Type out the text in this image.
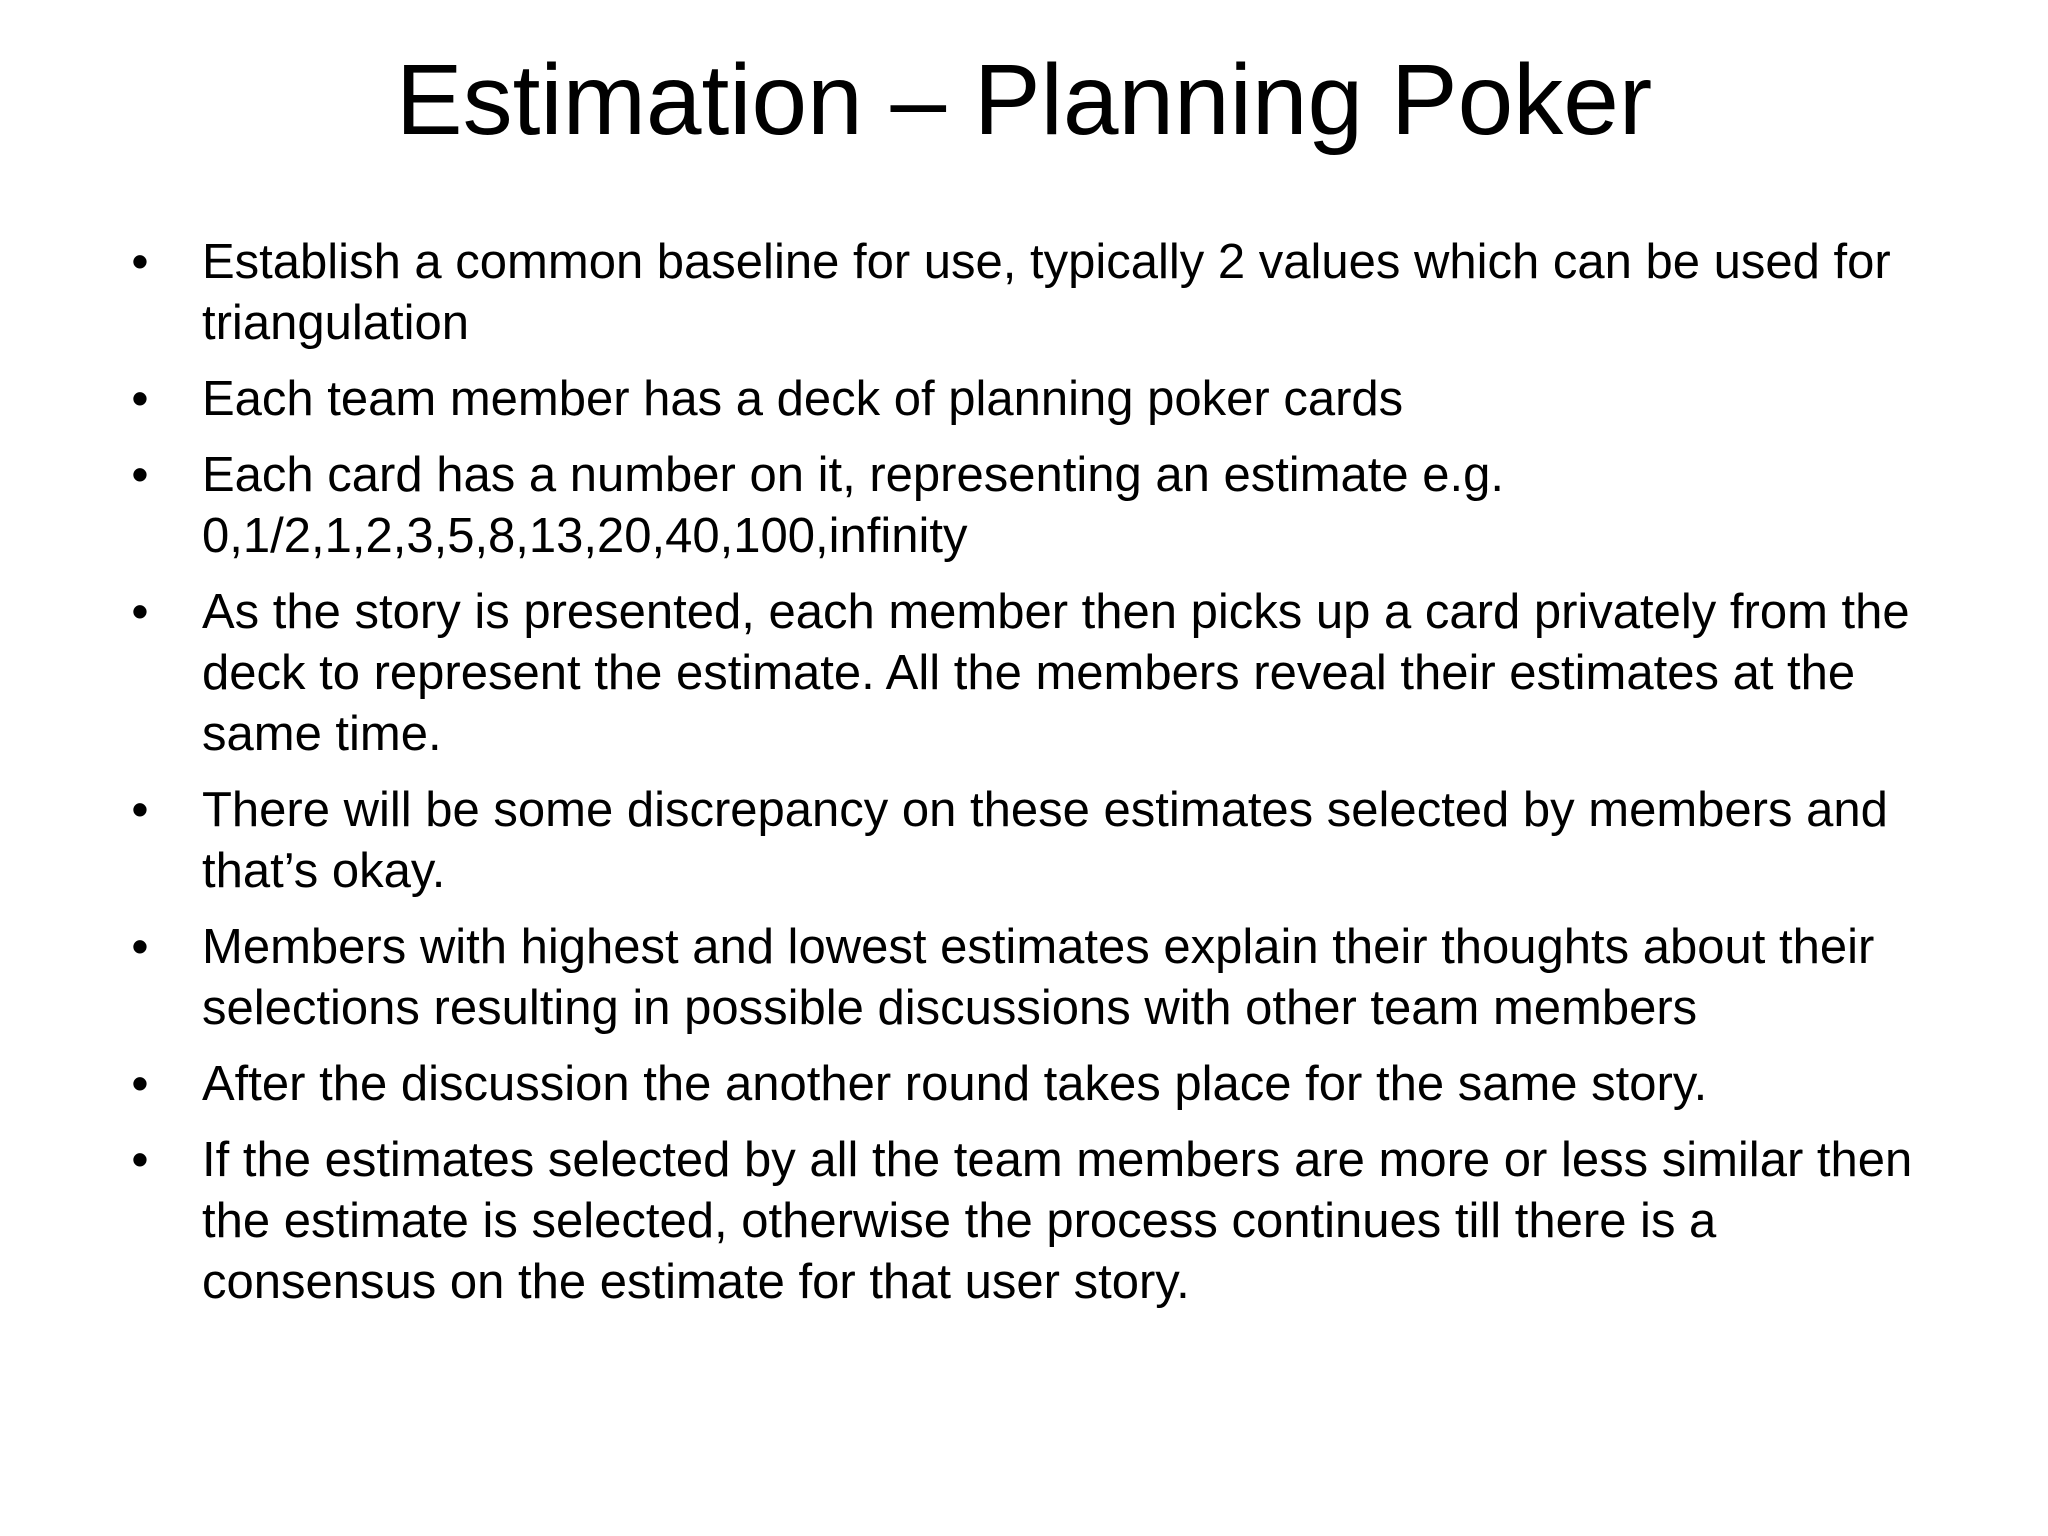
Estimation – Planning Poker
• Establish a common baseline for use, typically 2 values which can be used for triangulation
• Each team member has a deck of planning poker cards
• Each card has a number on it, representing an estimate e.g. 0,1/2,1,2,3,5,8,13,20,40,100,infinity
• As the story is presented, each member then picks up a card privately from the deck to represent the estimate. All the members reveal their estimates at the same time.
• There will be some discrepancy on these estimates selected by members and that’s okay.
• Members with highest and lowest estimates explain their thoughts about their selections resulting in possible discussions with other team members
• After the discussion the another round takes place for the same story.
• If the estimates selected by all the team members are more or less similar then the estimate is selected, otherwise the process continues till there is a consensus on the estimate for that user story.
